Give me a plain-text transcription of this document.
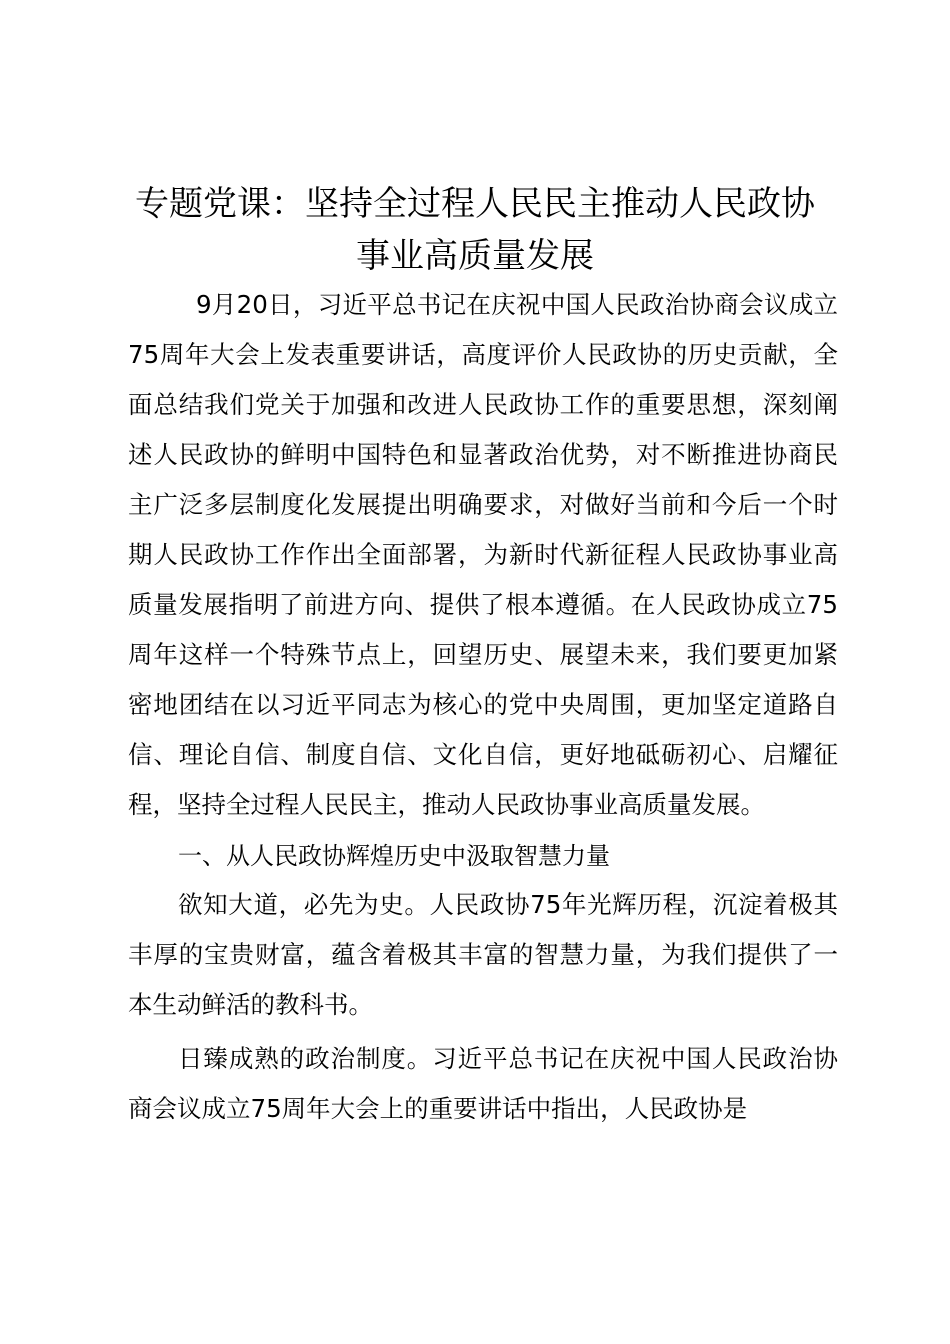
专题党课：坚持全过程人民民主推动人民政协
事业高质量发展

9月20日，习近平总书记在庆祝中国人民政治协商会议成立75周年大会上发表重要讲话，高度评价人民政协的历史贡献，全面总结我们党关于加强和改进人民政协工作的重要思想，深刻阐述人民政协的鲜明中国特色和显著政治优势，对不断推进协商民主广泛多层制度化发展提出明确要求，对做好当前和今后一个时期人民政协工作作出全面部署，为新时代新征程人民政协事业高质量发展指明了前进方向、提供了根本遵循。在人民政协成立75周年这样一个特殊节点上，回望历史、展望未来，我们要更加紧密地团结在以习近平同志为核心的党中央周围，更加坚定道路自信、理论自信、制度自信、文化自信，更好地砥砺初心、启耀征程，坚持全过程人民民主，推动人民政协事业高质量发展。

一、从人民政协辉煌历史中汲取智慧力量

欲知大道，必先为史。人民政协75年光辉历程，沉淀着极其丰厚的宝贵财富，蕴含着极其丰富的智慧力量，为我们提供了一本生动鲜活的教科书。

日臻成熟的政治制度。习近平总书记在庆祝中国人民政治协商会议成立75周年大会上的重要讲话中指出，人民政协是
